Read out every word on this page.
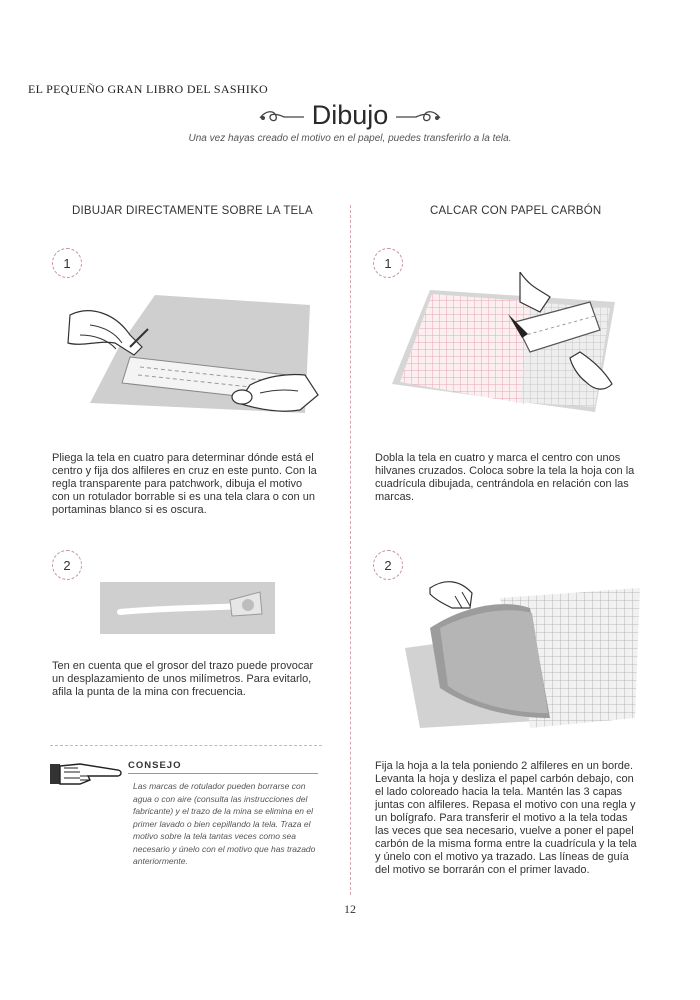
EL PEQUEÑO GRAN LIBRO DEL SASHIKO
Dibujo
Una vez hayas creado el motivo en el papel, puedes transferirlo a la tela.
DIBUJAR DIRECTAMENTE SOBRE LA TELA	CALCAR CON PAPEL CARBÓN
1
Pliega la tela en cuatro para determinar dónde está el centro y fija dos alfileres en cruz en este punto. Con la regla transparente para patchwork, dibuja el motivo con un rotulador borrable si es una tela clara o con un portaminas blanco si es oscura.
2
Ten en cuenta que el grosor del trazo puede provocar un desplazamiento de unos milímetros. Para evitarlo, afila la punta de la mina con frecuencia.
CONSEJO
Las marcas de rotulador pueden borrarse con agua o con aire (consulta las instrucciones del fabricante) y el trazo de la mina se elimina en el primer lavado o bien cepillando la tela. Traza el motivo sobre la tela tantas veces como sea necesario y únelo con el motivo que has trazado anteriormente.
1
Dobla la tela en cuatro y marca el centro con unos hilvanes cruzados. Coloca sobre la tela la hoja con la cuadrícula dibujada, centrándola en relación con las marcas.
2
Fija la hoja a la tela poniendo 2 alfileres en un borde. Levanta la hoja y desliza el papel carbón debajo, con el lado coloreado hacia la tela. Mantén las 3 capas juntas con alfileres. Repasa el motivo con una regla y un bolígrafo. Para transferir el motivo a la tela todas las veces que sea necesario, vuelve a poner el papel carbón de la misma forma entre la cuadrícula y la tela y únelo con el motivo ya trazado. Las líneas de guía del motivo se borrarán con el primer lavado.
12
